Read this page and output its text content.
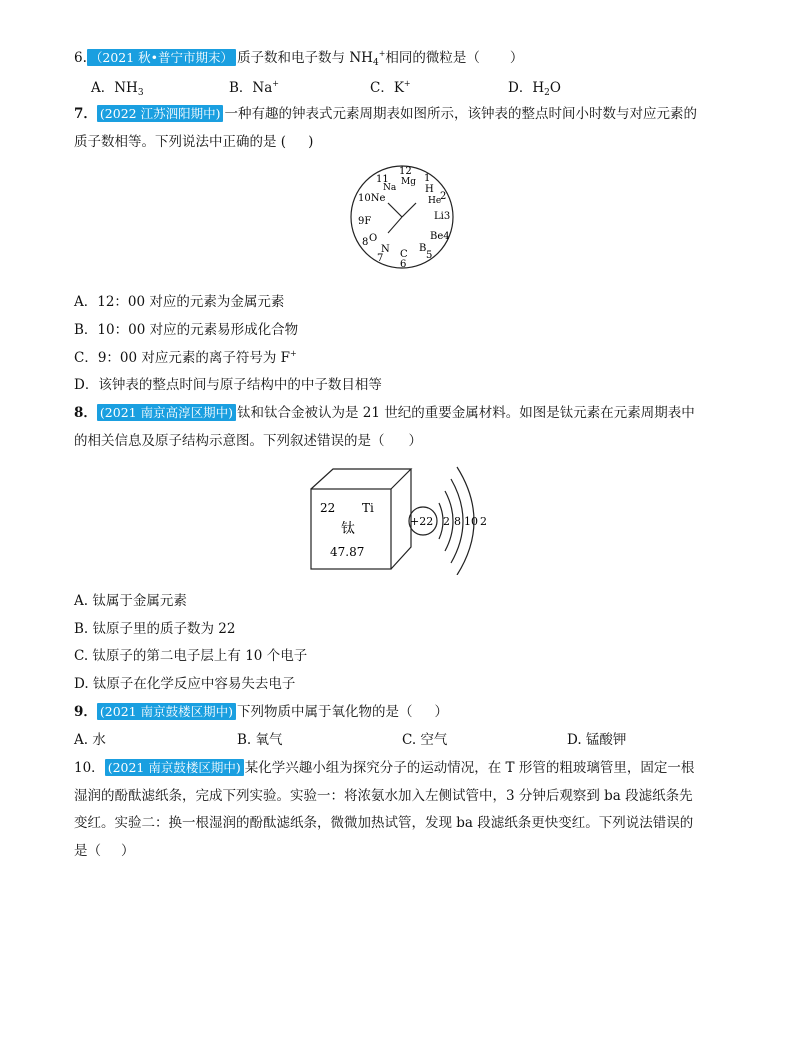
6. （2021 秋•普宁市期末） 质子数和电子数与 $NH_4^+$相同的微粒是（ ）
A．$NH_3$	B．Na+	C．K+	D．$H_2O$
7． (2022 江苏泗阳期中) 一种有趣的钟表式元素周期表如图所示，该钟表的整点时间小时数与对应元素的
质子数相等。下列说法中正确的是 ( )
12
Mg
11
Na
1
H
10Ne	He
2
Li3
9F
Be4
8 O
B
5
N
7 C
6
A．12：00 对应的元素为金属元素
B．10：00 对应的元素易形成化合物
C．9：00 对应元素的离子符号为 F+
D．该钟表的整点时间与原子结构中的中子数目相等
8． (2021 南京高淳区期中) 钛和钛合金被认为是 21 世纪的重要金属材料。如图是钛元素在元素周期表中
的相关信息及原子结构示意图。下列叙述错误的是（ ）
22 Ti
钛
47.87
+22 2 8 10 2
A. 钛属于金属元素
B. 钛原子里的质子数为 22
C. 钛原子的第二电子层上有 10 个电子
D. 钛原子在化学反应中容易失去电子
9． (2021 南京鼓楼区期中) 下列物质中属于氧化物的是（ ）
A. 水	B. 氧气	C. 空气	D. 锰酸钾
10． (2021 南京鼓楼区期中) 某化学兴趣小组为探究分子的运动情况，在 T 形管的粗玻璃管里，固定一根
湿润的酚酞滤纸条，完成下列实验。实验一：将浓氨水加入左侧试管中，3 分钟后观察到 ba 段滤纸条先
变红。实验二：换一根湿润的酚酞滤纸条，微微加热试管，发现 ba 段滤纸条更快变红。下列说法错误的
是（ ）
